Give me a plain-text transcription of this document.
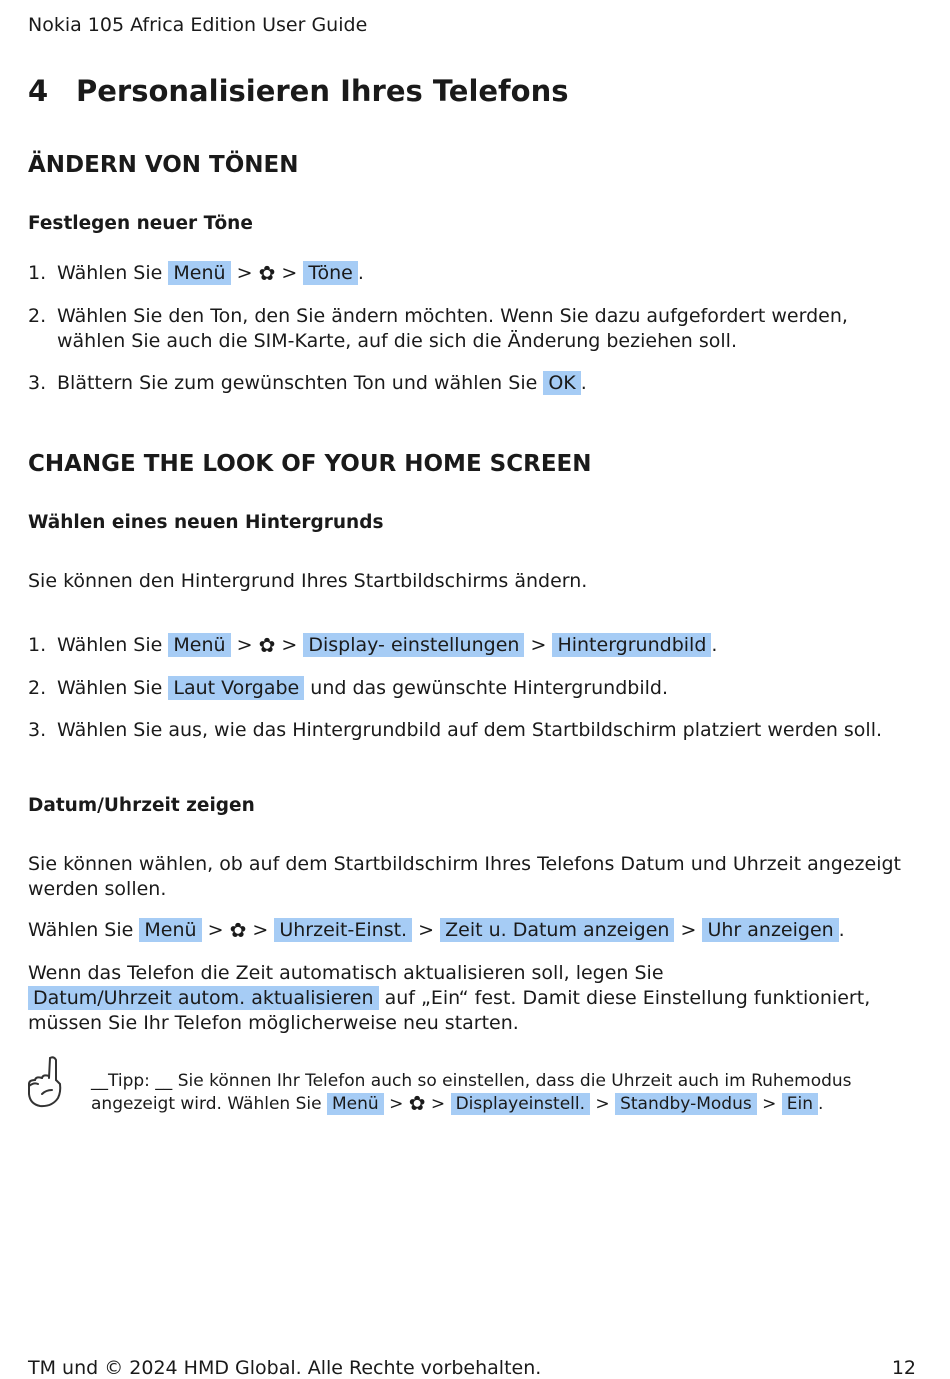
Nokia 105 Africa Edition User Guide
4 Personalisieren Ihres Telefons
ÄNDERN VON TÖNEN
Festlegen neuer Töne
1. Wählen Sie Menü > ✿ > Töne .
2. Wählen Sie den Ton, den Sie ändern möchten. Wenn Sie dazu aufgefordert werden, wählen Sie auch die SIM-Karte, auf die sich die Änderung beziehen soll.
3. Blättern Sie zum gewünschten Ton und wählen Sie OK .
CHANGE THE LOOK OF YOUR HOME SCREEN
Wählen eines neuen Hintergrunds
Sie können den Hintergrund Ihres Startbildschirms ändern.
1. Wählen Sie Menü > ✿ > Display- einstellungen > Hintergrundbild .
2. Wählen Sie Laut Vorgabe und das gewünschte Hintergrundbild.
3. Wählen Sie aus, wie das Hintergrundbild auf dem Startbildschirm platziert werden soll.
Datum/Uhrzeit zeigen
Sie können wählen, ob auf dem Startbildschirm Ihres Telefons Datum und Uhrzeit angezeigt werden sollen.
Wählen Sie Menü > ✿ > Uhrzeit-Einst. > Zeit u. Datum anzeigen > Uhr anzeigen .
Wenn das Telefon die Zeit automatisch aktualisieren soll, legen Sie
Datum/Uhrzeit autom. aktualisieren auf „Ein“ fest. Damit diese Einstellung funktioniert, müssen Sie Ihr Telefon möglicherweise neu starten.
__Tipp: __ Sie können Ihr Telefon auch so einstellen, dass die Uhrzeit auch im Ruhemodus angezeigt wird. Wählen Sie Menü > ✿ > Displayeinstell. > Standby-Modus > Ein .
TM und © 2024 HMD Global. Alle Rechte vorbehalten.	12
